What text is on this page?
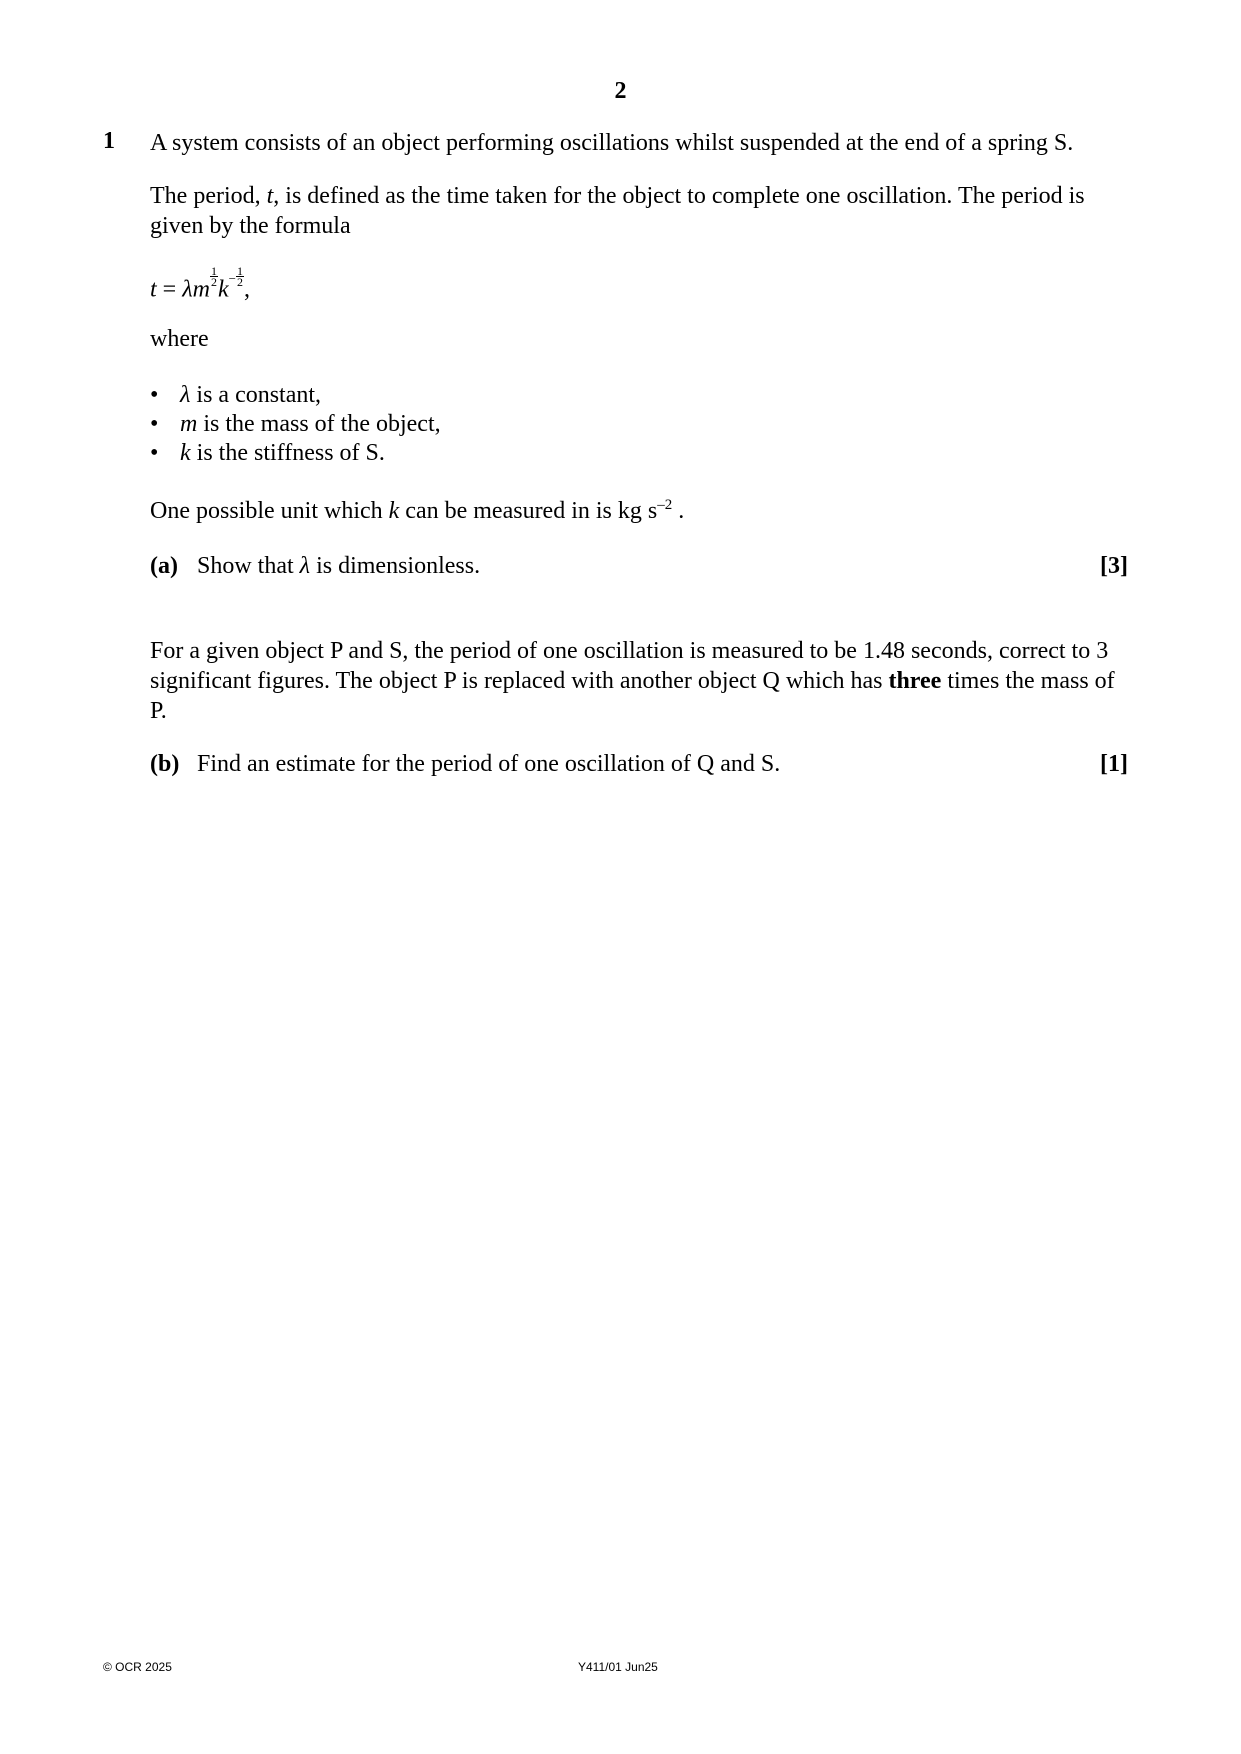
2
1 A system consists of an object performing oscillations whilst suspended at the end of a spring S.
The period, t, is defined as the time taken for the object to complete one oscillation. The period is given by the formula
t = λm $\frac{1}{2} k^- \frac{1}{2}$ ,
where
• λ is a constant,
• m is the mass of the object,
• k is the stiffness of S.
One possible unit which k can be measured in is kg $s^{-2}$ .
(a) Show that λ is dimensionless.	[3]
For a given object P and S, the period of one oscillation is measured to be 1.48 seconds, correct to 3 significant figures. The object P is replaced with another object Q which has three times the mass of P.
(b) Find an estimate for the period of one oscillation of Q and S.	[1]
© OCR 2025	Y411/01 Jun25
